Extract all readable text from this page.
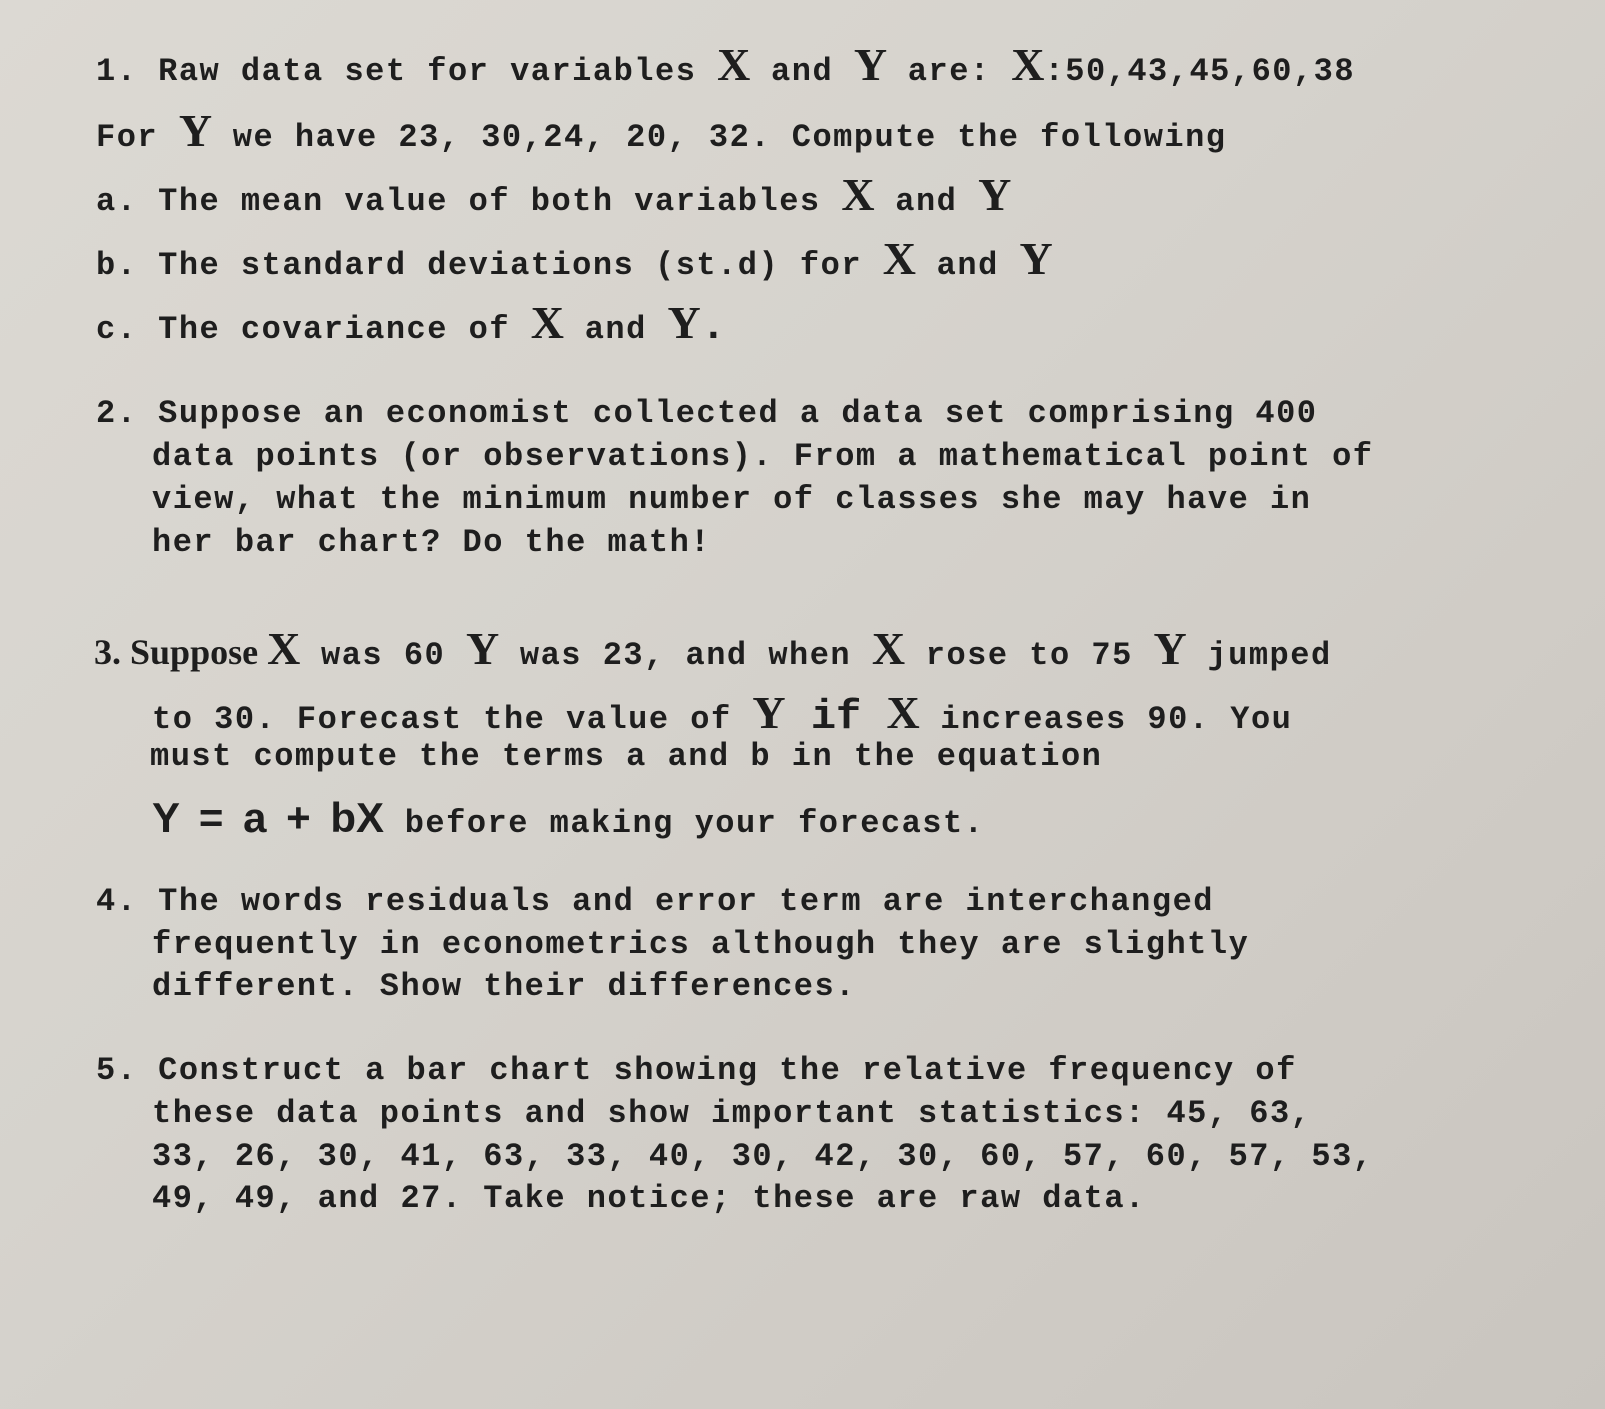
1. Raw data set for variables X and Y are: X:50,43,45,60,38
For Y we have 23, 30,24, 20, 32. Compute the following
a. The mean value of both variables X and Y
b. The standard deviations (st.d) for X and Y
c. The covariance of X and Y.
2. Suppose an economist collected a data set comprising 400
data points (or observations). From a mathematical point of
view, what the minimum number of classes she may have in
her bar chart? Do the math!
3. Suppose X was 60 Y was 23, and when X rose to 75 Y jumped
to 30. Forecast the value of Y if X increases 90. You
must compute the terms a and b in the equation
Y = a + bX before making your forecast.
4. The words residuals and error term are interchanged
frequently in econometrics although they are slightly
different. Show their differences.
5. Construct a bar chart showing the relative frequency of
these data points and show important statistics: 45, 63,
33, 26, 30, 41, 63, 33, 40, 30, 42, 30, 60, 57, 60, 57, 53,
49, 49, and 27. Take notice; these are raw data.
